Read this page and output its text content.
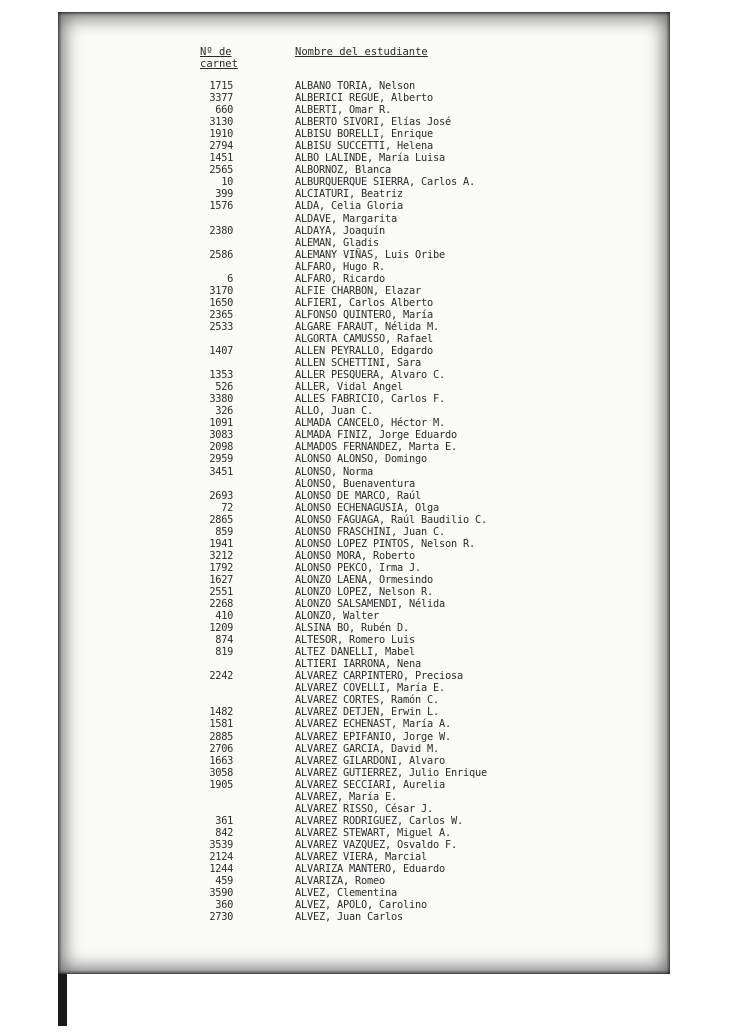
Nº de
carnet
Nombre del estudiante
1715	ALBANO TORIA, Nelson
3377	ALBERICI REGUE, Alberto
660	ALBERTI, Omar R.
3130	ALBERTO SIVORI, Elías José
1910	ALBISU BORELLI, Enrique
2794	ALBISU SUCCETTI, Helena
1451	ALBO LALINDE, María Luisa
2565	ALBORNOZ, Blanca
10	ALBURQUERQUE SIERRA, Carlos A.
399	ALCIATURI, Beatriz
1576	ALDA, Celia Gloria
ALDAVE, Margarita
2380	ALDAYA, Joaquín
ALEMAN, Gladis
2586	ALEMANY VIÑAS, Luis Oribe
ALFARO, Hugo R.
6	ALFARO, Ricardo
3170	ALFIE CHARBON, Elazar
1650	ALFIERI, Carlos Alberto
2365	ALFONSO QUINTERO, María
2533	ALGARE FARAUT, Nélida M.
ALGORTA CAMUSSO, Rafael
1407	ALLEN PEYRALLO, Edgardo
ALLEN SCHETTINI, Sara
1353	ALLER PESQUERA, Alvaro C.
526	ALLER, Vidal Angel
3380	ALLES FABRICIO, Carlos F.
326	ALLO, Juan C.
1091	ALMADA CANCELO, Héctor M.
3083	ALMADA FINIZ, Jorge Eduardo
2098	ALMADOS FERNANDEZ, Marta E.
2959	ALONSO ALONSO, Domingo
3451	ALONSO, Norma
ALONSO, Buenaventura
2693	ALONSO DE MARCO, Raúl
72	ALONSO ECHENAGUSIA, Olga
2865	ALONSO FAGUAGA, Raúl Baudilio C.
859	ALONSO FRASCHINI, Juan C.
1941	ALONSO LOPEZ PINTOS, Nelson R.
3212	ALONSO MORA, Roberto
1792	ALONSO PEKCO, Irma J.
1627	ALONZO LAENA, Ormesindo
2551	ALONZO LOPEZ, Nelson R.
2268	ALONZO SALSAMENDI, Nélida
410	ALONZO, Walter
1209	ALSINA BO, Rubén D.
874	ALTESOR, Romero Luis
819	ALTEZ DANELLI, Mabel
ALTIERI IARRONA, Nena
2242	ALVAREZ CARPINTERO, Preciosa
ALVAREZ COVELLI, María E.
ALVAREZ CORTES, Ramón C.
1482	ALVAREZ DETJEN, Erwin L.
1581	ALVAREZ ECHENAST, María A.
2885	ALVAREZ EPIFANIO, Jorge W.
2706	ALVAREZ GARCIA, David M.
1663	ALVAREZ GILARDONI, Alvaro
3058	ALVAREZ GUTIERREZ, Julio Enrique
1905	ALVAREZ SECCIARI, Aurelia
ALVAREZ, María E.
ALVAREZ RISSO, César J.
361	ALVAREZ RODRIGUEZ, Carlos W.
842	ALVAREZ STEWART, Miguel A.
3539	ALVAREZ VAZQUEZ, Osvaldo F.
2124	ALVAREZ VIERA, Marcial
1244	ALVARIZA MANTERO, Eduardo
459	ALVARIZA, Romeo
3590	ALVEZ, Clementina
360	ALVEZ, APOLO, Carolino
2730	ALVEZ, Juan Carlos
